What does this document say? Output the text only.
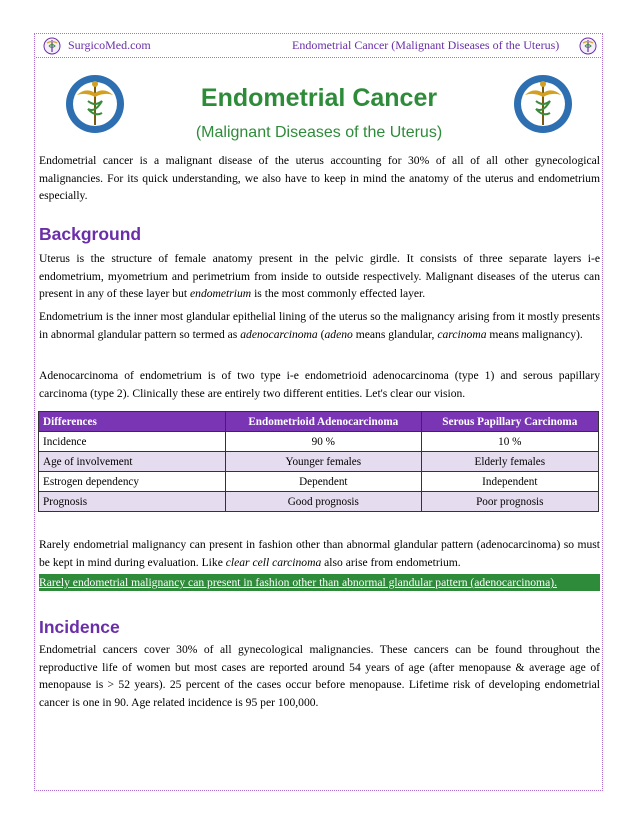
SurgicoMed.com	Endometrial Cancer (Malignant Diseases of the Uterus)
Endometrial Cancer
(Malignant Diseases of the Uterus)

Endometrial cancer is a malignant disease of the uterus accounting for 30% of all of all other gynecological malignancies. For its quick understanding, we also have to keep in mind the anatomy of the uterus and endometrium especially.

Background

Uterus is the structure of female anatomy present in the pelvic girdle. It consists of three separate layers i-e endometrium, myometrium and perimetrium from inside to outside respectively. Malignant diseases of the uterus can present in any of these layer but endometrium is the most commonly effected layer.

Endometrium is the inner most glandular epithelial lining of the uterus so the malignancy arising from it mostly presents in abnormal glandular pattern so termed as adenocarcinoma (adeno means glandular, carcinoma means malignancy).

Adenocarcinoma of endometrium is of two type i-e endometrioid adenocarcinoma (type 1) and serous papillary carcinoma (type 2). Clinically these are entirely two different entities. Let's clear our vision.

Differences	Endometrioid Adenocarcinoma	Serous Papillary Carcinoma
Incidence	90 %	10 %
Age of involvement	Younger females	Elderly females
Estrogen dependency	Dependent	Independent
Prognosis	Good prognosis	Poor prognosis

Rarely endometrial malignancy can present in fashion other than abnormal glandular pattern (adenocarcinoma) so must be kept in mind during evaluation. Like clear cell carcinoma also arise from endometrium.

Rarely endometrial malignancy can present in fashion other than abnormal glandular pattern (adenocarcinoma).
Incidence

Endometrial cancers cover 30% of all gynecological malignancies. These cancers can be found throughout the reproductive life of women but most cases are reported around 54 years of age (after menopause & average age of menopause is > 52 years). 25 percent of the cases occur before menopause. Lifetime risk of developing endometrial cancer is one in 90. Age related incidence is 95 per 100,000.
